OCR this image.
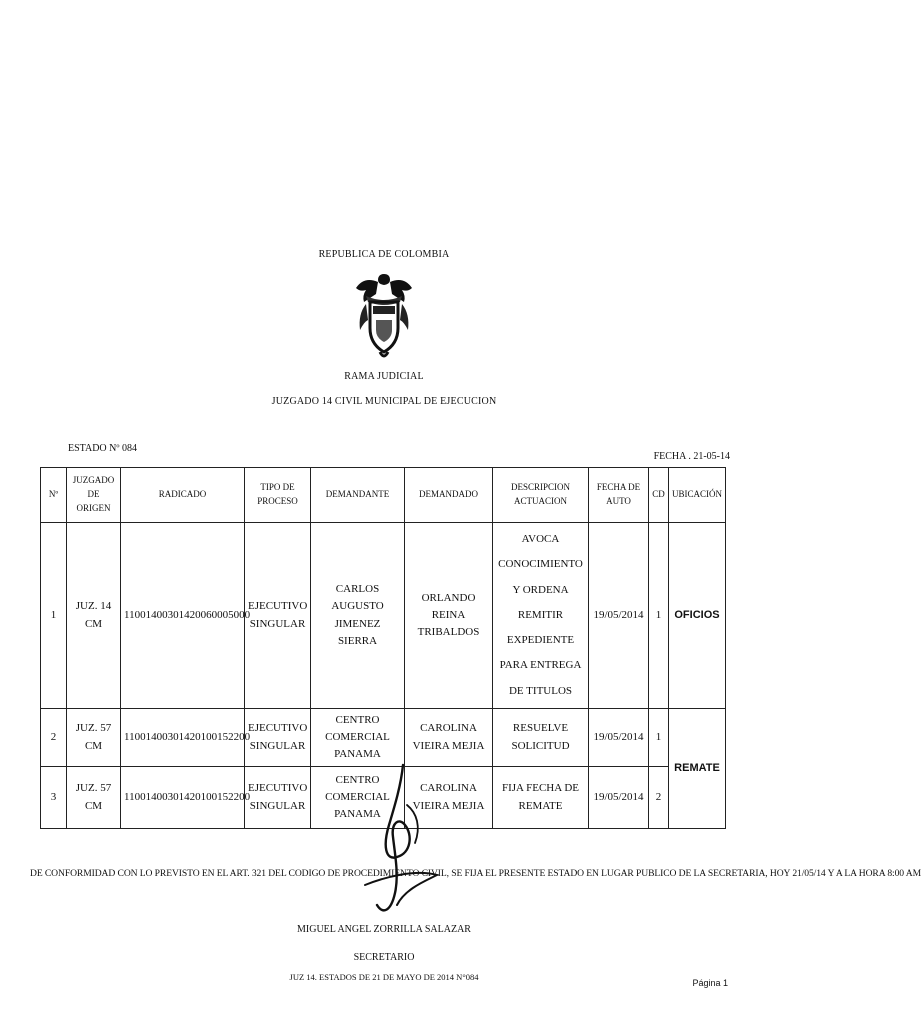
REPUBLICA DE COLOMBIA
RAMA JUDICIAL
JUZGADO 14 CIVIL MUNICIPAL DE EJECUCION
ESTADO Nº 084
FECHA . 21-05-14
Nº	JUZGADO DE ORIGEN	RADICADO	TIPO DE PROCESO	DEMANDANTE	DEMANDADO	DESCRIPCION ACTUACION	FECHA DE AUTO	CD	UBICACIÓN
1	JUZ. 14 CM	11001400301420060005000	EJECUTIVO SINGULAR	CARLOS AUGUSTO JIMENEZ SIERRA	ORLANDO REINA TRIBALDOS	AVOCA CONOCIMIENTO Y ORDENA REMITIR EXPEDIENTE PARA ENTREGA DE TITULOS	19/05/2014	1	OFICIOS
2	JUZ. 57 CM	11001400301420100152200	EJECUTIVO SINGULAR	CENTRO COMERCIAL PANAMA	CAROLINA VIEIRA MEJIA	RESUELVE SOLICITUD	19/05/2014	1	REMATE
3	JUZ. 57 CM	11001400301420100152200	EJECUTIVO SINGULAR	CENTRO COMERCIAL PANAMA	CAROLINA VIEIRA MEJIA	FIJA FECHA DE REMATE	19/05/2014	2	
DE CONFORMIDAD CON LO PREVISTO EN EL ART. 321 DEL CODIGO DE PROCEDIMIENTO CIVIL, SE FIJA EL PRESENTE ESTADO EN LUGAR PUBLICO DE LA SECRETARIA, HOY 21/05/14 Y A LA HORA 8:00 AM
MIGUEL ANGEL ZORRILLA SALAZAR
SECRETARIO
JUZ 14. ESTADOS DE 21 DE MAYO DE 2014 N°084
Página 1
